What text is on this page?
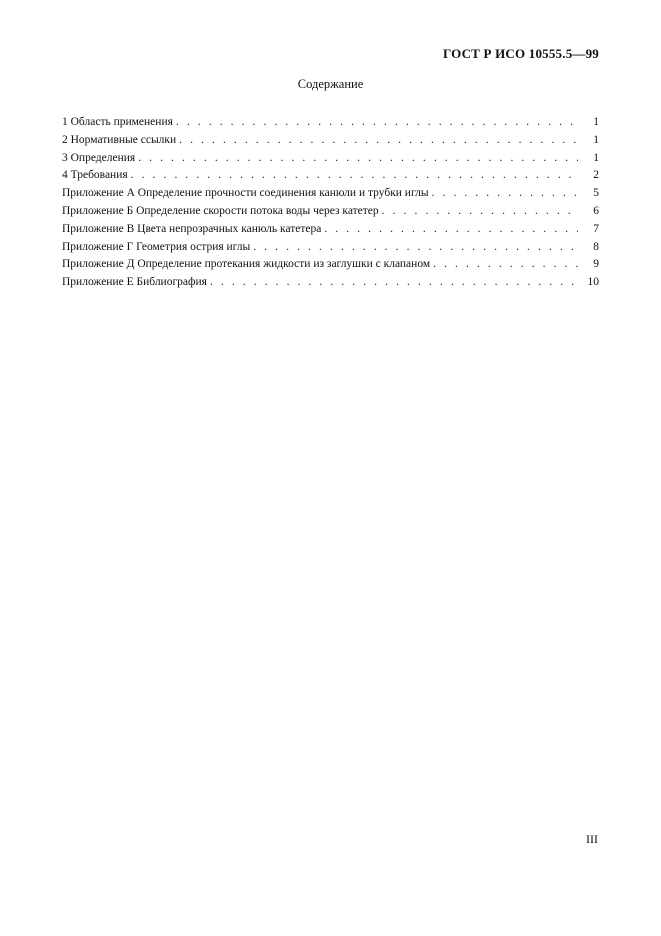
ГОСТ Р ИСО 10555.5—99
Содержание
1 Область применения . . .	1
2 Нормативные ссылки . . .	1
3 Определения . . .	1
4 Требования . . .	2
Приложение А Определение прочности соединения канюли и трубки иглы . . .	5
Приложение Б Определение скорости потока воды через катетер . . .	6
Приложение В Цвета непрозрачных канюль катетера . . .	7
Приложение Г Геометрия острия иглы . . .	8
Приложение Д Определение протекания жидкости из заглушки с клапаном . . .	9
Приложение Е Библиография . . .	10
III
